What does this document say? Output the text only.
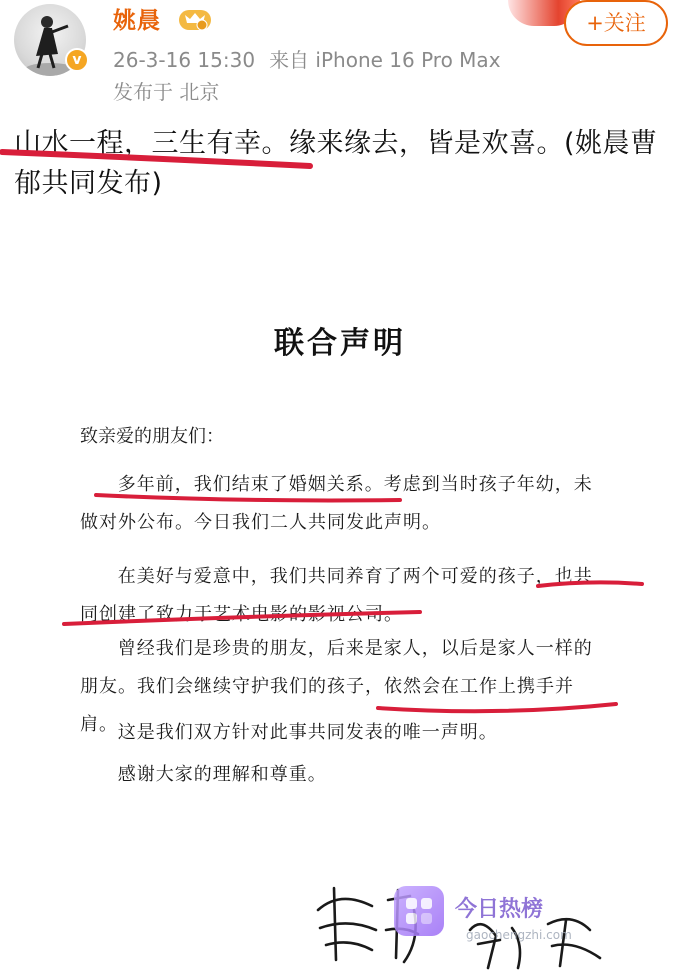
v
姚晨
26-3-16 15:30 来自 iPhone 16 Pro Max
发布于 北京
+关注
山水一程，三生有幸。缘来缘去，皆是欢喜。(姚晨曹郁共同发布)
联合声明
致亲爱的朋友们：
多年前，我们结束了婚姻关系。考虑到当时孩子年幼，未做对外公布。今日我们二人共同发此声明。
在美好与爱意中，我们共同养育了两个可爱的孩子，也共同创建了致力于艺术电影的影视公司。
曾经我们是珍贵的朋友，后来是家人，以后是家人一样的朋友。我们会继续守护我们的孩子，依然会在工作上携手并肩。 这是我们双方针对此事共同发表的唯一声明。
感谢大家的理解和尊重。
今日热榜
gaochengzhi.com
